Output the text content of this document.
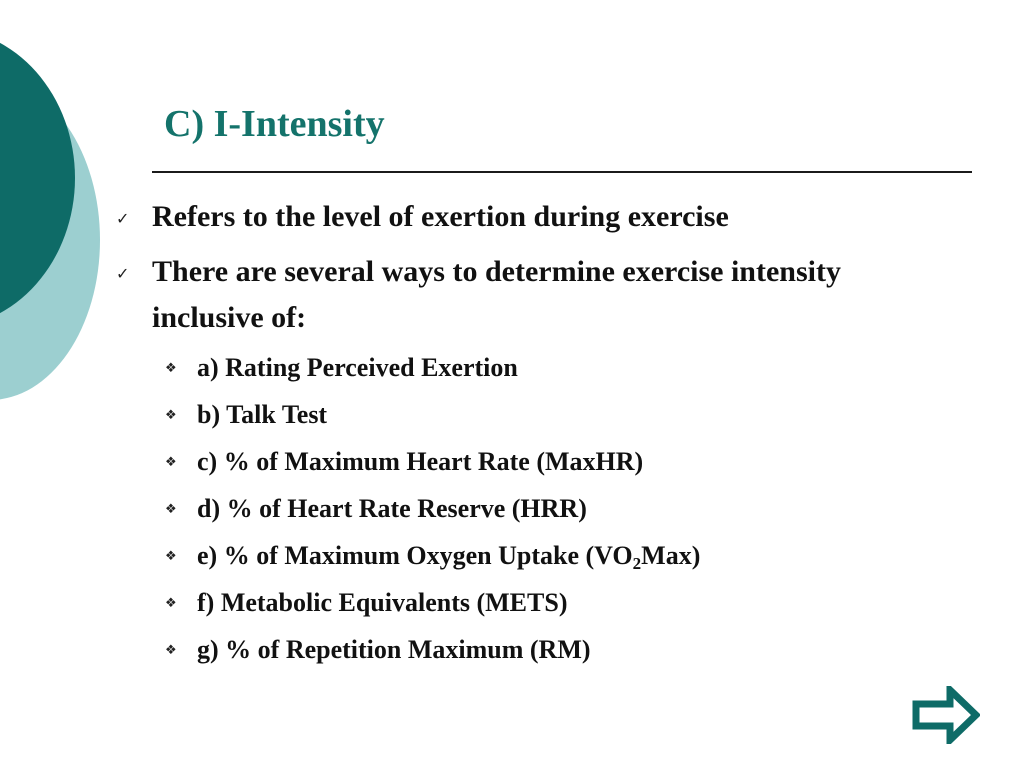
C) I-Intensity
✓ Refers to the level of exertion during exercise
✓ There are several ways to determine exercise intensity inclusive of:
❖ a) Rating Perceived Exertion
❖ b) Talk Test
❖ c) % of Maximum Heart Rate (MaxHR)
❖ d) % of Heart Rate Reserve (HRR)
❖ e) % of Maximum Oxygen Uptake $(VO_2Max)$
❖ f) Metabolic Equivalents (METS)
❖ g) % of Repetition Maximum (RM)
